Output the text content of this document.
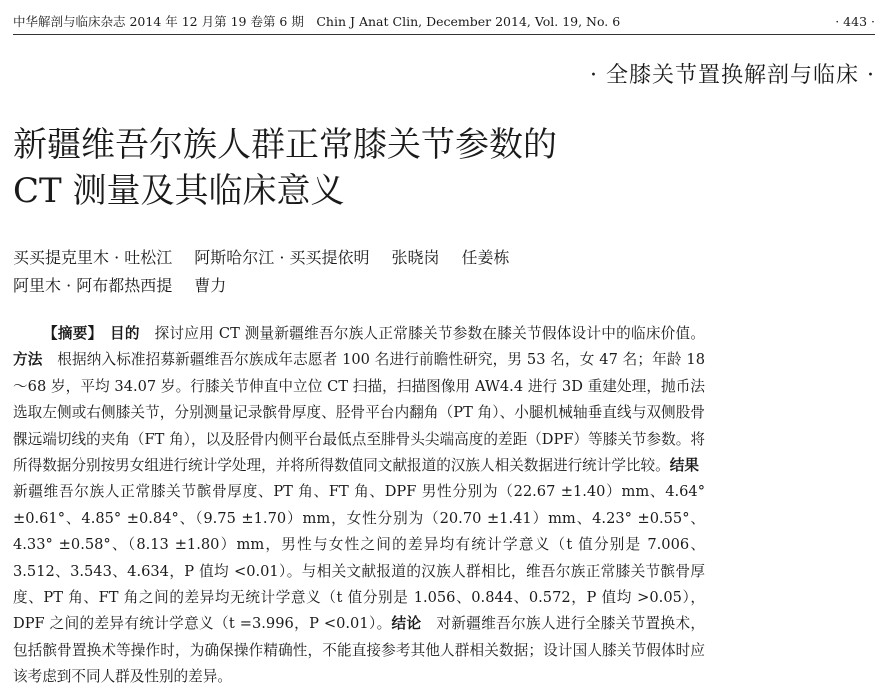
中华解剖与临床杂志 2014 年 12 月第 19 卷第 6 期　Chin J Anat Clin, December 2014, Vol. 19, No. 6	· 443 ·
· 全膝关节置换解剖与临床 ·
新疆维吾尔族人群正常膝关节参数的
CT 测量及其临床意义
买买提克里木 · 吐松江 阿斯哈尔江 · 买买提依明 张晓岗 任姜栋
阿里木 · 阿布都热西提 曹力

【摘要】　 目的　探讨应用 CT 测量新疆维吾尔族人正常膝关节参数在膝关节假体设计中的临床价值。方法　根据纳入标准招募新疆维吾尔族成年志愿者 100 名进行前瞻性研究，男 53 名，女 47 名；年龄 18 ～68 岁，平均 34.07 岁。行膝关节伸直中立位 CT 扫描，扫描图像用 AW4.4 进行 3D 重建处理，抛币法选取左侧或右侧膝关节，分别测量记录髌骨厚度、胫骨平台内翻角（PT 角）、小腿机械轴垂直线与双侧股骨髁远端切线的夹角（FT 角），以及胫骨内侧平台最低点至腓骨头尖端高度的差距（DPF）等膝关节参数。将所得数据分别按男女组进行统计学处理，并将所得数值同文献报道的汉族人相关数据进行统计学比较。结果　新疆维吾尔族人正常膝关节髌骨厚度、PT 角、FT 角、DPF 男性分别为（22.67 ±1.40）mm、4.64° ±0.61°、4.85° ±0.84°、（9.75 ±1.70）mm，女性分别为（20.70 ±1.41）mm、4.23° ±0.55°、4.33° ±0.58°、（8.13 ±1.80）mm，男性与女性之间的差异均有统计学意义（t 值分别是 7.006、3.512、3.543、4.634，P 值均 <0.01）。与相关文献报道的汉族人群相比，维吾尔族正常膝关节髌骨厚度、PT 角、FT 角之间的差异均无统计学意义（t 值分别是 1.056、0.844、0.572，P 值均 >0.05），DPF 之间的差异有统计学意义（t =3.996，P <0.01）。结论　对新疆维吾尔族人进行全膝关节置换术，包括髌骨置换术等操作时，为确保操作精确性，不能直接参考其他人群相关数据；设计国人膝关节假体时应该考虑到不同人群及性别的差异。
